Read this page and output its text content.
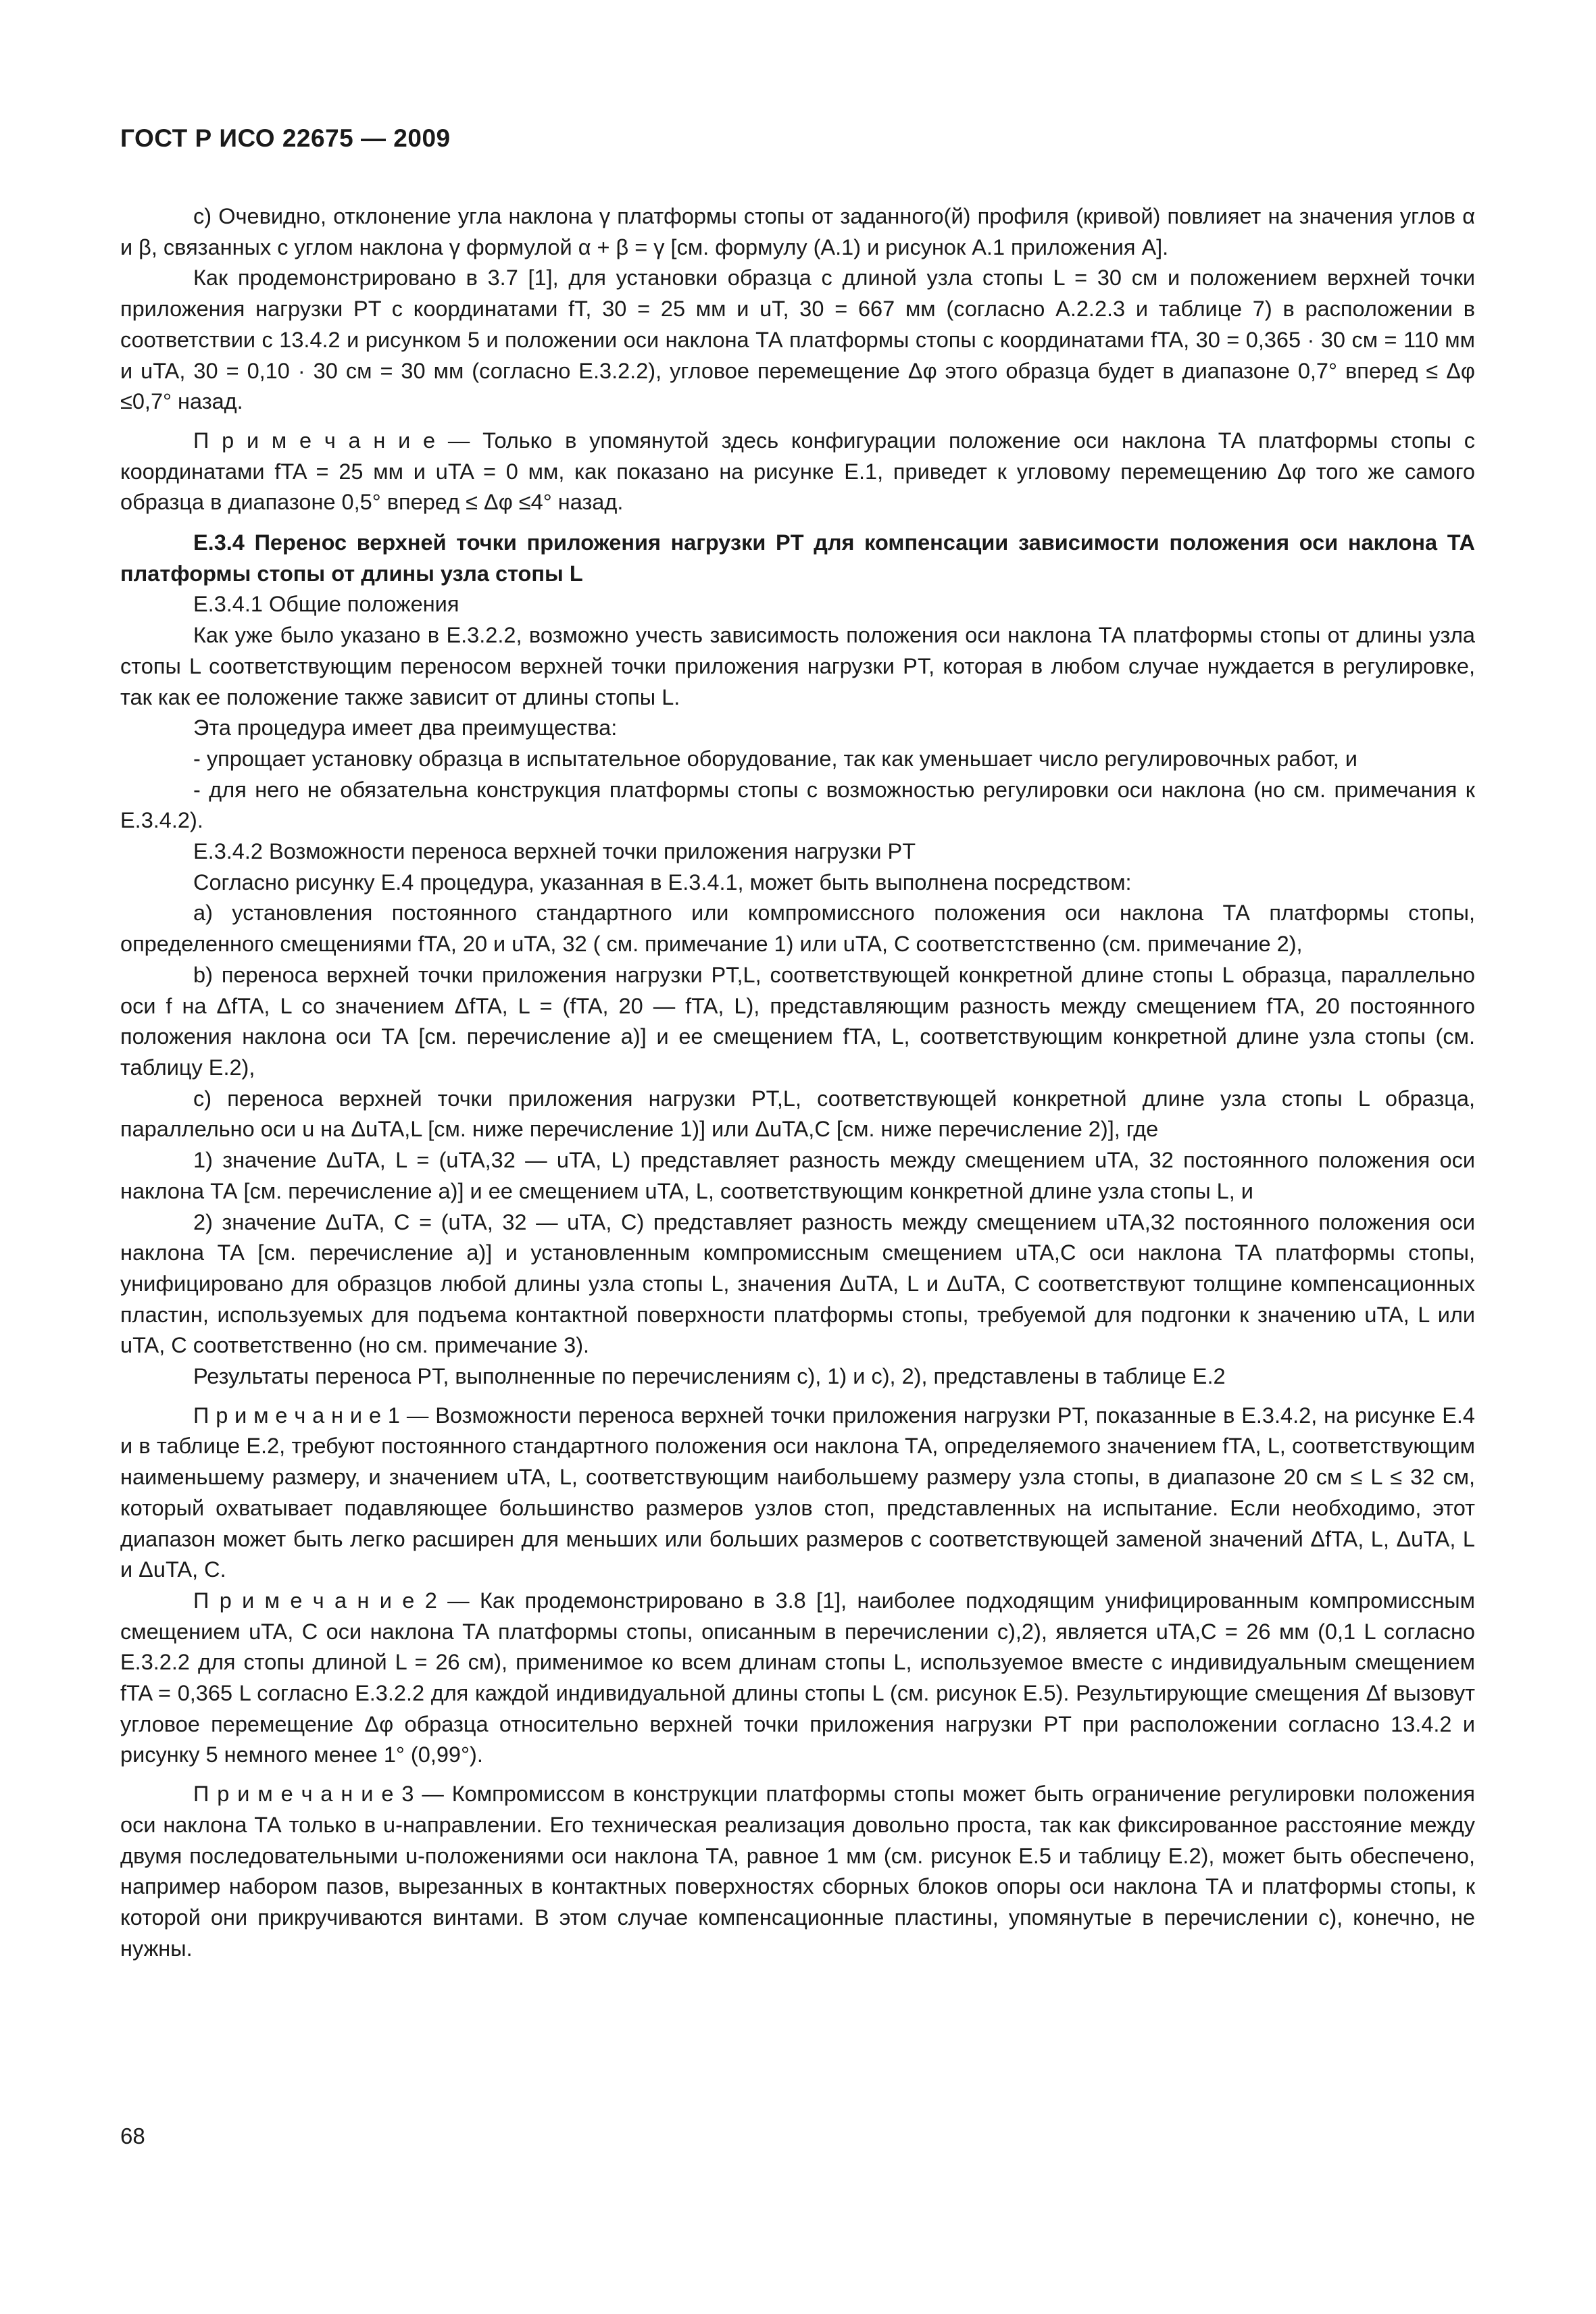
ГОСТ Р ИСО 22675 — 2009

c) Очевидно, отклонение угла наклона γ платформы стопы от заданного(й) профиля (кривой) повлияет на значения углов α и β, связанных с углом наклона γ формулой α + β = γ [см. формулу (А.1) и рисунок А.1 приложения А].

Как продемонстрировано в 3.7 [1], для установки образца с длиной узла стопы L = 30 см и положением верхней точки приложения нагрузки PT с координатами fT, 30 = 25 мм и uT, 30 = 667 мм (согласно А.2.2.3 и таблице 7) в расположении в соответствии с 13.4.2 и рисунком 5 и положении оси наклона ТА платформы стопы с координатами fTA, 30 = 0,365 · 30 см = 110 мм и uTA, 30 = 0,10 · 30 см = 30 мм (согласно Е.3.2.2), угловое перемещение Δφ этого образца будет в диапазоне 0,7° вперед ≤ Δφ ≤0,7° назад.

П р и м е ч а н и е — Только в упомянутой здесь конфигурации положение оси наклона ТА платформы стопы с координатами fTA = 25 мм и uTA = 0 мм, как показано на рисунке Е.1, приведет к угловому перемещению Δφ того же самого образца в диапазоне 0,5° вперед ≤ Δφ ≤4° назад.

Е.3.4 Перенос верхней точки приложения нагрузки PT для компенсации зависимости положения оси наклона ТА платформы стопы от длины узла стопы L

Е.3.4.1 Общие положения

Как уже было указано в Е.3.2.2, возможно учесть зависимость положения оси наклона ТА платформы стопы от длины узла стопы L соответствующим переносом верхней точки приложения нагрузки PT, которая в любом случае нуждается в регулировке, так как ее положение также зависит от длины стопы L.

Эта процедура имеет два преимущества:

- упрощает установку образца в испытательное оборудование, так как уменьшает число регулировочных работ, и

- для него не обязательна конструкция платформы стопы с возможностью регулировки оси наклона (но см. примечания к Е.3.4.2).

Е.3.4.2 Возможности переноса верхней точки приложения нагрузки PT

Согласно рисунку Е.4 процедура, указанная в Е.3.4.1, может быть выполнена посредством:

a) установления постоянного стандартного или компромиссного положения оси наклона ТА платформы стопы, определенного смещениями fTA, 20 и uTA, 32 ( см. примечание 1) или uTA, C соответстственно (см. примечание 2),

b) переноса верхней точки приложения нагрузки PT,L, соответствующей конкретной длине стопы L образца, параллельно оси f на ΔfTA, L со значением ΔfTA, L = (fTA, 20 — fTA, L), представляющим разность между смещением fTA, 20 постоянного положения наклона оси ТА [см. перечисление a)] и ее смещением fTA, L, соответствующим конкретной длине узла стопы (см. таблицу Е.2),

c) переноса верхней точки приложения нагрузки PT,L, соответствующей конкретной длине узла стопы L образца, параллельно оси u на ΔuTA,L [см. ниже перечисление 1)] или ΔuTA,C [см. ниже перечисление 2)], где

1) значение ΔuTA, L = (uTA,32 — uTA, L) представляет разность между смещением uTA, 32 постоянного положения оси наклона ТА [см. перечисление a)] и ее смещением uTA, L, соответствующим конкретной длине узла стопы L, и

2) значение ΔuTA, C = (uTA, 32 — uTA, C) представляет разность между смещением uTA,32 постоянного положения оси наклона ТА [см. перечисление a)] и установленным компромиссным смещением uTA,C оси наклона ТА платформы стопы, унифицировано для образцов любой длины узла стопы L, значения ΔuTA, L и ΔuTA, C соответствуют толщине компенсационных пластин, используемых для подъема контактной поверхности платформы стопы, требуемой для подгонки к значению uTA, L или uTA, C соответственно (но см. примечание 3).

Результаты переноса PT, выполненные по перечислениям c), 1) и c), 2), представлены в таблице Е.2

П р и м е ч а н и е 1 — Возможности переноса верхней точки приложения нагрузки PT, показанные в Е.3.4.2, на рисунке Е.4 и в таблице Е.2, требуют постоянного стандартного положения оси наклона ТА, определяемого значением fTA, L, соответствующим наименьшему размеру, и значением uTA, L, соответствующим наибольшему размеру узла стопы, в диапазоне 20 см ≤ L ≤ 32 см, который охватывает подавляющее большинство размеров узлов стоп, представленных на испытание. Если необходимо, этот диапазон может быть легко расширен для меньших или больших размеров с соответствующей заменой значений ΔfTA, L, ΔuTA, L и ΔuTA, C.

П р и м е ч а н и е 2 — Как продемонстрировано в 3.8 [1], наиболее подходящим унифицированным компромиссным смещением uTA, C оси наклона ТА платформы стопы, описанным в перечислении c),2), является uTA,C = 26 мм (0,1 L согласно Е.3.2.2 для стопы длиной L = 26 см), применимое ко всем длинам стопы L, используемое вместе с индивидуальным смещением fTA = 0,365 L согласно Е.3.2.2 для каждой индивидуальной длины стопы L (см. рисунок Е.5). Результирующие смещения Δf вызовут угловое перемещение Δφ образца относительно верхней точки приложения нагрузки PT при расположении согласно 13.4.2 и рисунку 5 немного менее 1° (0,99°).

П р и м е ч а н и е 3 — Компромиссом в конструкции платформы стопы может быть ограничение регулировки положения оси наклона ТА только в u-направлении. Его техническая реализация довольно проста, так как фиксированное расстояние между двумя последовательными u-положениями оси наклона ТА, равное 1 мм (см. рисунок Е.5 и таблицу Е.2), может быть обеспечено, например набором пазов, вырезанных в контактных поверхностях сборных блоков опоры оси наклона ТА и платформы стопы, к которой они прикручиваются винтами. В этом случае компенсационные пластины, упомянутые в перечислении c), конечно, не нужны.

68
